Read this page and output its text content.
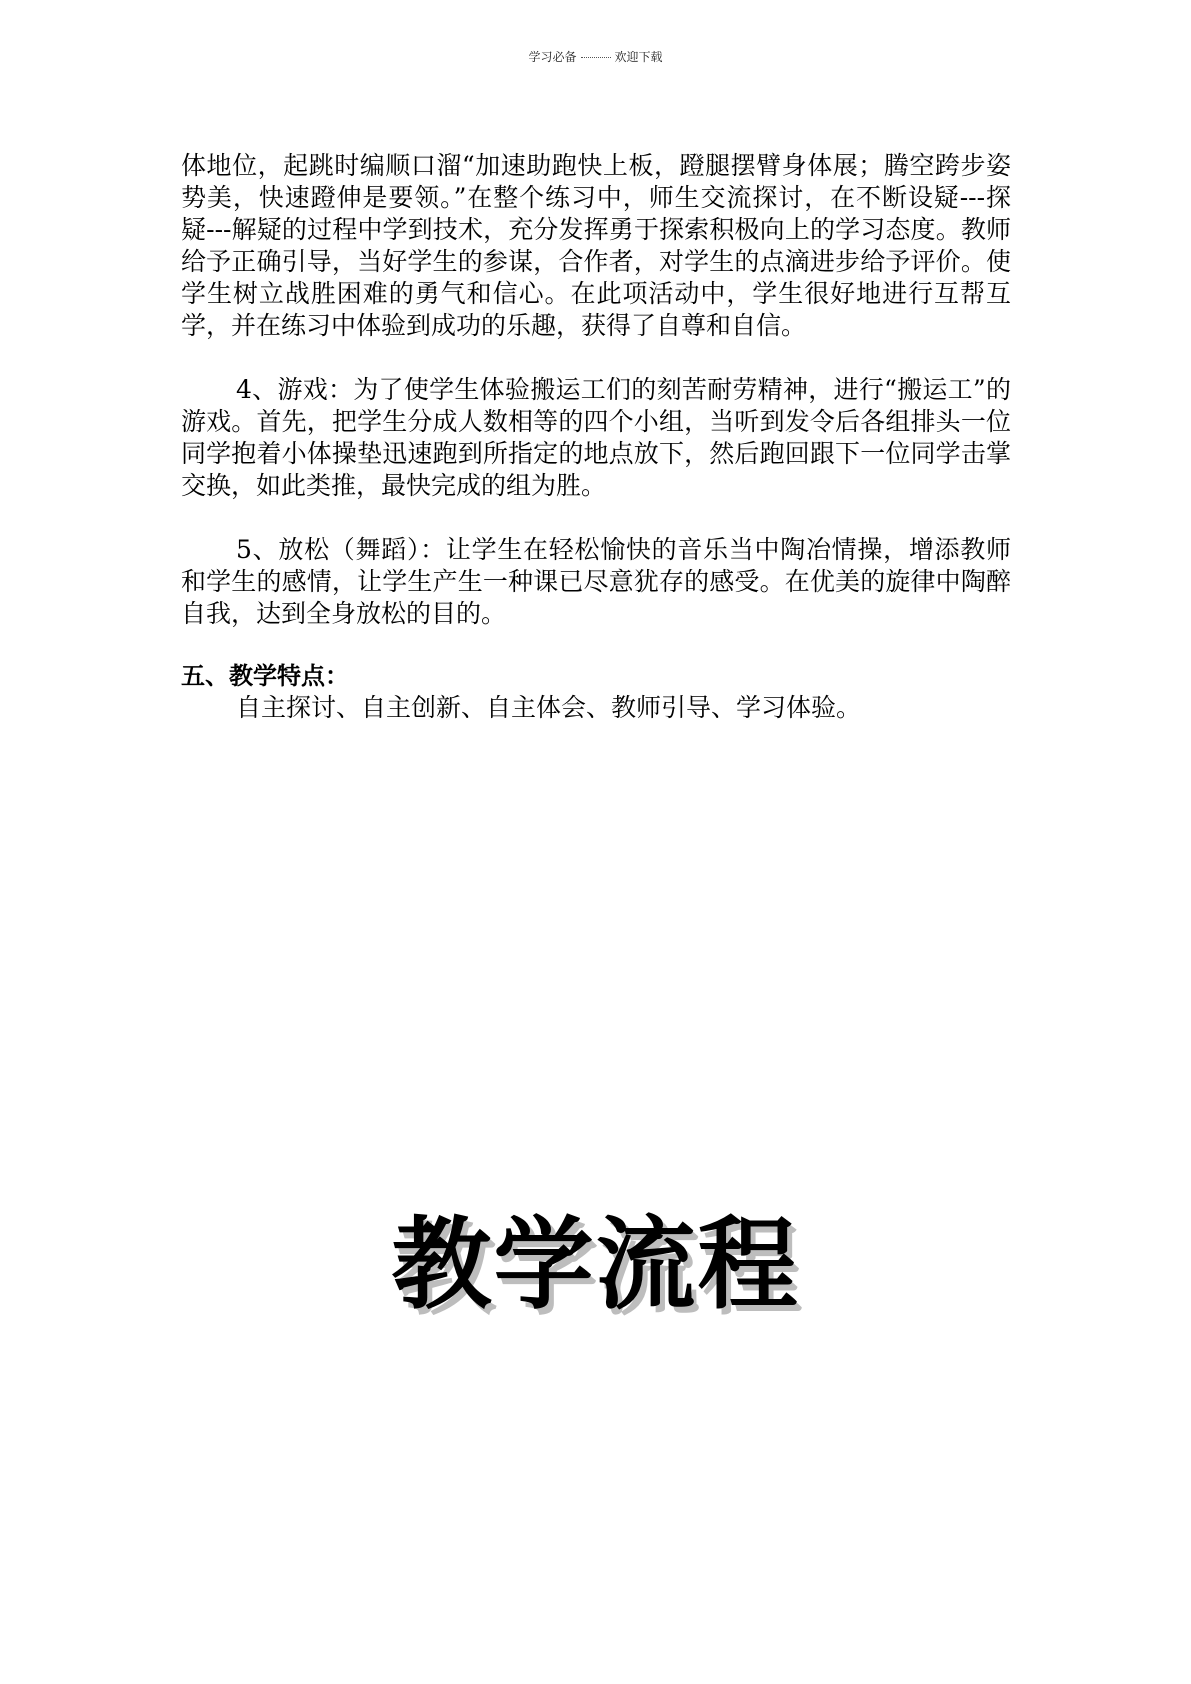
学习必备	欢迎下载

体地位，起跳时编顺口溜“加速助跑快上板，蹬腿摆臂身体展；腾空跨步姿势美，快速蹬伸是要领。”在整个练习中，师生交流探讨，在不断设疑---探疑---解疑的过程中学到技术，充分发挥勇于探索积极向上的学习态度。教师给予正确引导，当好学生的参谋，合作者，对学生的点滴进步给予评价。使学生树立战胜困难的勇气和信心。在此项活动中，学生很好地进行互帮互学，并在练习中体验到成功的乐趣，获得了自尊和自信。

4、游戏：为了使学生体验搬运工们的刻苦耐劳精神，进行“搬运工”的游戏。首先，把学生分成人数相等的四个小组，当听到发令后各组排头一位同学抱着小体操垫迅速跑到所指定的地点放下，然后跑回跟下一位同学击掌交换，如此类推，最快完成的组为胜。

5、放松（舞蹈）：让学生在轻松愉快的音乐当中陶冶情操，增添教师和学生的感情，让学生产生一种课已尽意犹存的感受。在优美的旋律中陶醉自我，达到全身放松的目的。

五、教学特点：

自主探讨、自主创新、自主体会、教师引导、学习体验。

教学流程
